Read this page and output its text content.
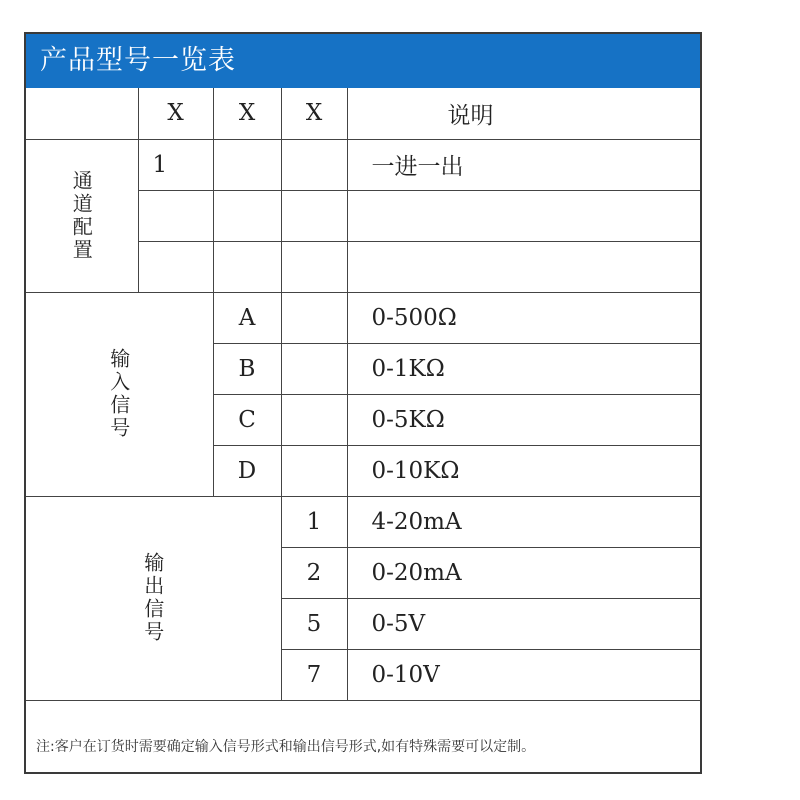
产品型号一览表
	X	X	X	说明

通道配置	1			一进一出

输入信号		A		0-500Ω
		B		0-1KΩ
		C		0-5KΩ
		D		0-10KΩ

输出信号			1	4-20mA
			2	0-20mA
			5	0-5V
			7	0-10V
注:客户在订货时需要确定输入信号形式和输出信号形式,如有特殊需要可以定制。
